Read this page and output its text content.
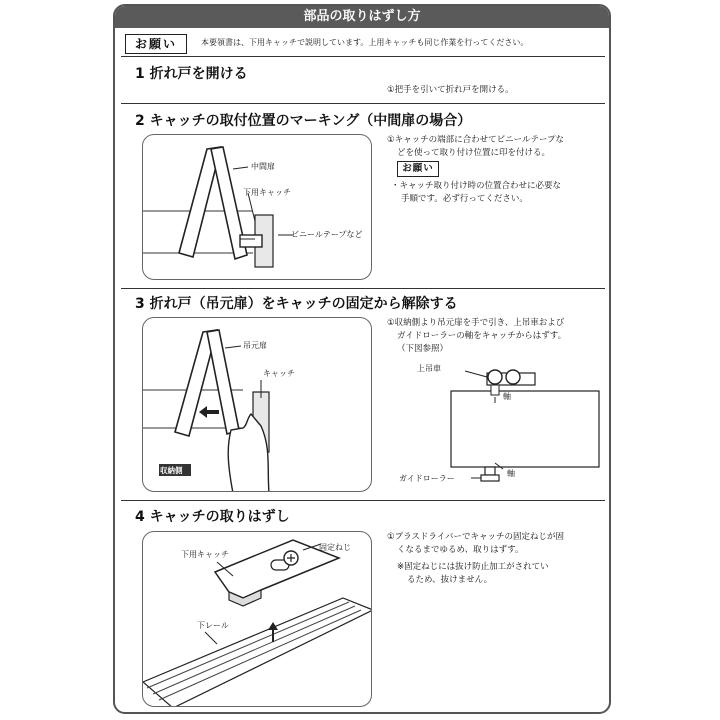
部品の取りはずし方
お願い	本要領書は、下用キャッチで説明しています。上用キャッチも同じ作業を行ってください。
1 折れ戸を開ける
①把手を引いて折れ戸を開ける。
2 キャッチの取付位置のマーキング（中間扉の場合）
中間扉
下用キャッチ
ビニールテープなど
①キャッチの端部に合わせてビニールテープな
どを使って取り付け位置に印を付ける。
お願い
・キャッチ取り付け時の位置合わせに必要な
手順です。必ず行ってください。
3 折れ戸（吊元扉）をキャッチの固定から解除する
吊元扉
キャッチ
収納側
①収納側より吊元扉を手で引き、上吊車および
ガイドローラーの軸をキャッチからはずす。
（下図参照）
上吊車
軸
ガイドローラー
軸
4 キャッチの取りはずし
下用キャッチ
固定ねじ
下レール
①プラスドライバーでキャッチの固定ねじが固
くなるまでゆるめ、取りはずす。
※固定ねじには抜け防止加工がされてい
るため、抜けません。
